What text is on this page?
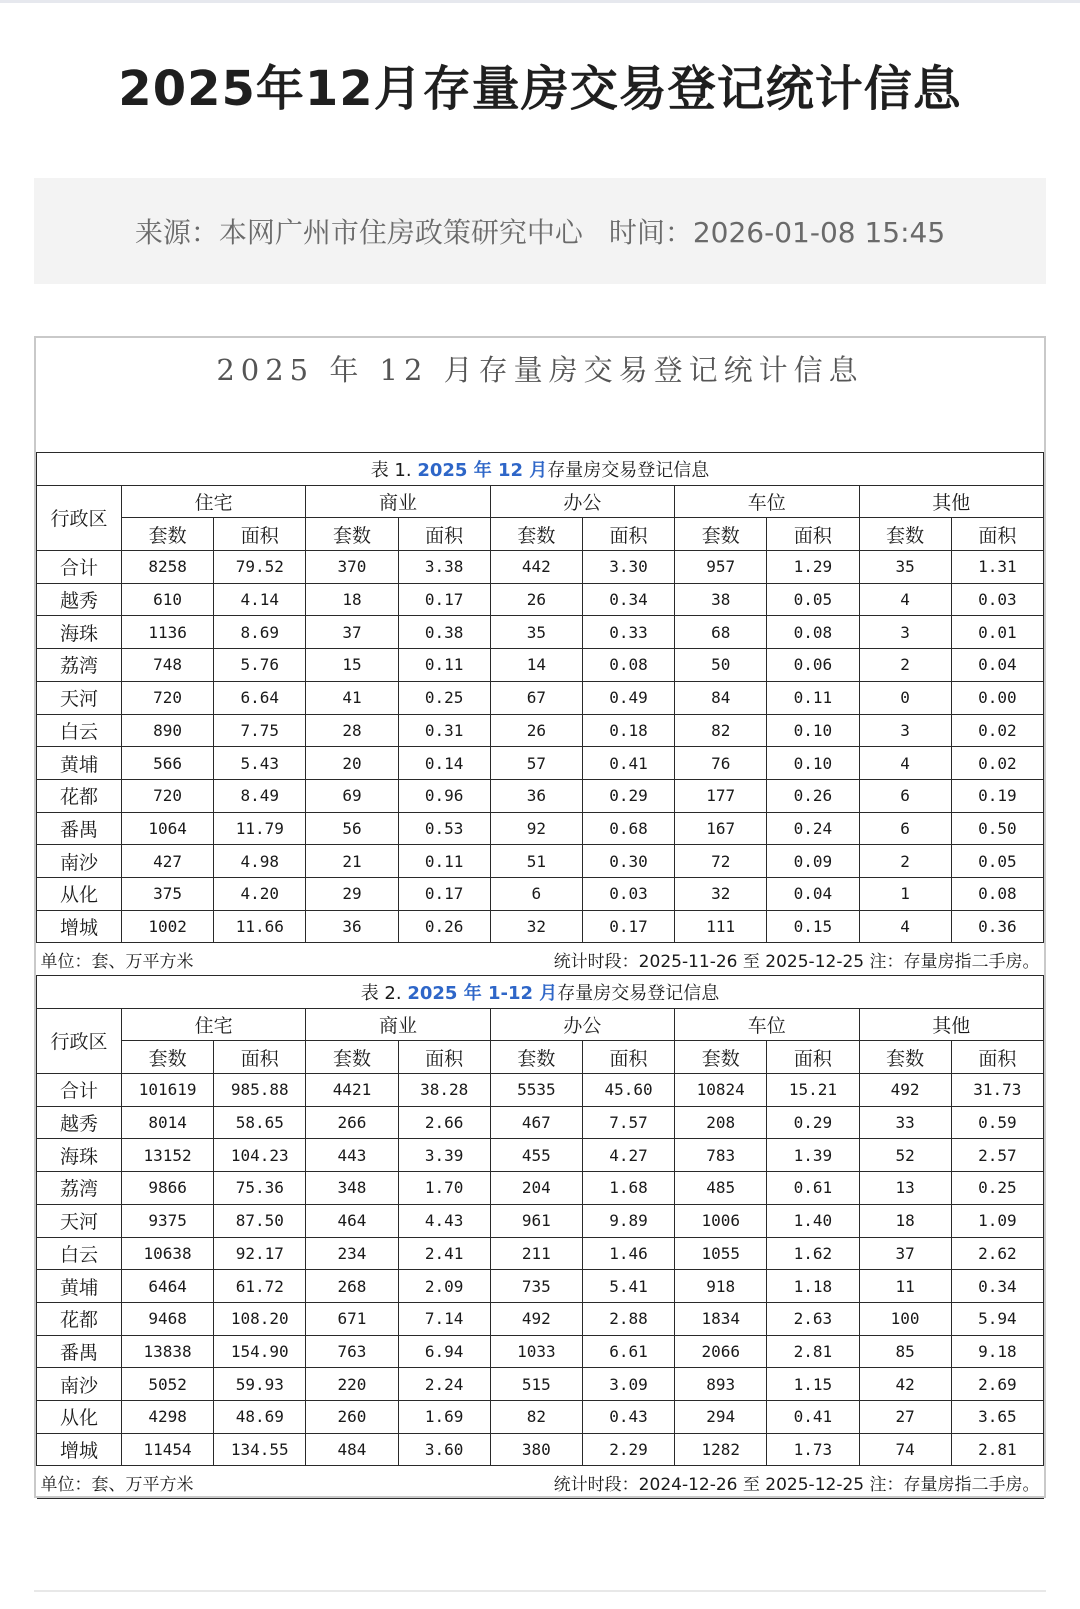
2025年12月存量房交易登记统计信息
来源：本网广州市住房政策研究中心 时间：2026-01-08 15:45
2025 年 12 月存量房交易登记统计信息
表 1. 2025 年 12 月存量房交易登记信息										
行政区	住宅		商业		办公		车位		其他	
	套数	面积	套数	面积	套数	面积	套数	面积	套数	面积
合计	8258	79.52	370	3.38	442	3.30	957	1.29	35	1.31
越秀	610	4.14	18	0.17	26	0.34	38	0.05	4	0.03
海珠	1136	8.69	37	0.38	35	0.33	68	0.08	3	0.01
荔湾	748	5.76	15	0.11	14	0.08	50	0.06	2	0.04
天河	720	6.64	41	0.25	67	0.49	84	0.11	0	0.00
白云	890	7.75	28	0.31	26	0.18	82	0.10	3	0.02
黄埔	566	5.43	20	0.14	57	0.41	76	0.10	4	0.02
花都	720	8.49	69	0.96	36	0.29	177	0.26	6	0.19
番禺	1064	11.79	56	0.53	92	0.68	167	0.24	6	0.50
南沙	427	4.98	21	0.11	51	0.30	72	0.09	2	0.05
从化	375	4.20	29	0.17	6	0.03	32	0.04	1	0.08
增城	1002	11.66	36	0.26	32	0.17	111	0.15	4	0.36

单位：套、万平方米 统计时段：2025-11-26 至 2025-12-25 注：存量房指二手房。										

表 2. 2025 年 1-12 月存量房交易登记信息										
行政区	住宅		商业		办公		车位		其他	
	套数	面积	套数	面积	套数	面积	套数	面积	套数	面积
合计	101619	985.88	4421	38.28	5535	45.60	10824	15.21	492	31.73
越秀	8014	58.65	266	2.66	467	7.57	208	0.29	33	0.59
海珠	13152	104.23	443	3.39	455	4.27	783	1.39	52	2.57
荔湾	9866	75.36	348	1.70	204	1.68	485	0.61	13	0.25
天河	9375	87.50	464	4.43	961	9.89	1006	1.40	18	1.09
白云	10638	92.17	234	2.41	211	1.46	1055	1.62	37	2.62
黄埔	6464	61.72	268	2.09	735	5.41	918	1.18	11	0.34
花都	9468	108.20	671	7.14	492	2.88	1834	2.63	100	5.94
番禺	13838	154.90	763	6.94	1033	6.61	2066	2.81	85	9.18
南沙	5052	59.93	220	2.24	515	3.09	893	1.15	42	2.69
从化	4298	48.69	260	1.69	82	0.43	294	0.41	27	3.65
增城	11454	134.55	484	3.60	380	2.29	1282	1.73	74	2.81

单位：套、万平方米 统计时段：2024-12-26 至 2025-12-25 注：存量房指二手房。										
